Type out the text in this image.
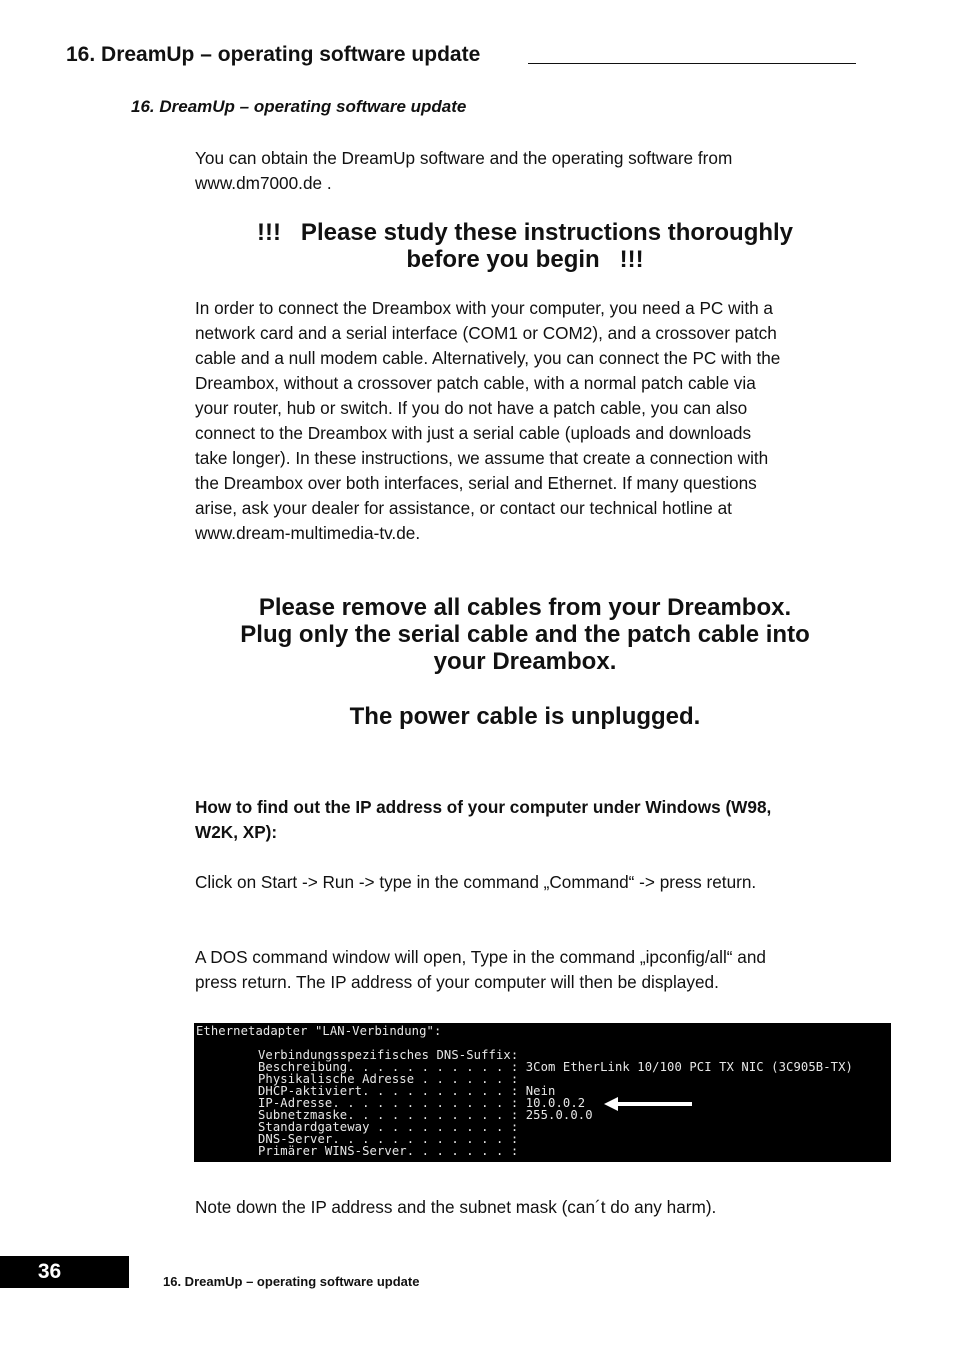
16. DreamUp – operating software update
16. DreamUp – operating software update
You can obtain the DreamUp software and the operating software from
www.dm7000.de .
!!!   Please study these instructions thoroughly
before you begin   !!!
In order to connect the Dreambox with your computer, you need a PC with a
network card and a serial interface (COM1 or COM2), and a crossover patch
cable and a null modem cable. Alternatively, you can connect the PC with the
Dreambox, without a crossover patch cable, with a normal patch cable via
your router, hub or switch. If you do not have a patch cable, you can also
connect to the Dreambox with just a serial cable (uploads and downloads
take longer). In these instructions, we assume that create a connection with
the Dreambox over both interfaces, serial and Ethernet. If many questions
arise, ask your dealer for assistance, or contact our technical hotline at
www.dream-multimedia-tv.de.
Please remove all cables from your Dreambox.
Plug only the serial cable and the patch cable into
your Dreambox.
The power cable is unplugged.
How to find out the IP address of your computer under Windows (W98,
W2K, XP):
Click on Start -> Run -> type in the command „Command“ -> press return.
A DOS command window will open, Type in the command „ipconfig/all“ and
press return. The IP address of your computer will then be displayed.
Ethernetadapter "LAN-Verbindung":
Verbindungsspezifisches DNS-Suffix:
Beschreibung. . . . . . . . . . . : 3Com EtherLink 10/100 PCI TX NIC (3C905B-TX)
Physikalische Adresse . . . . . . :
DHCP-aktiviert. . . . . . . . . . : Nein
IP-Adresse. . . . . . . . . . . . : 10.0.0.2
Subnetzmaske. . . . . . . . . . . : 255.0.0.0
Standardgateway . . . . . . . . . :
DNS-Server. . . . . . . . . . . . :
Primärer WINS-Server. . . . . . . :
Note down the IP address and the subnet mask (can´t do any harm).
36	16. DreamUp – operating software update
